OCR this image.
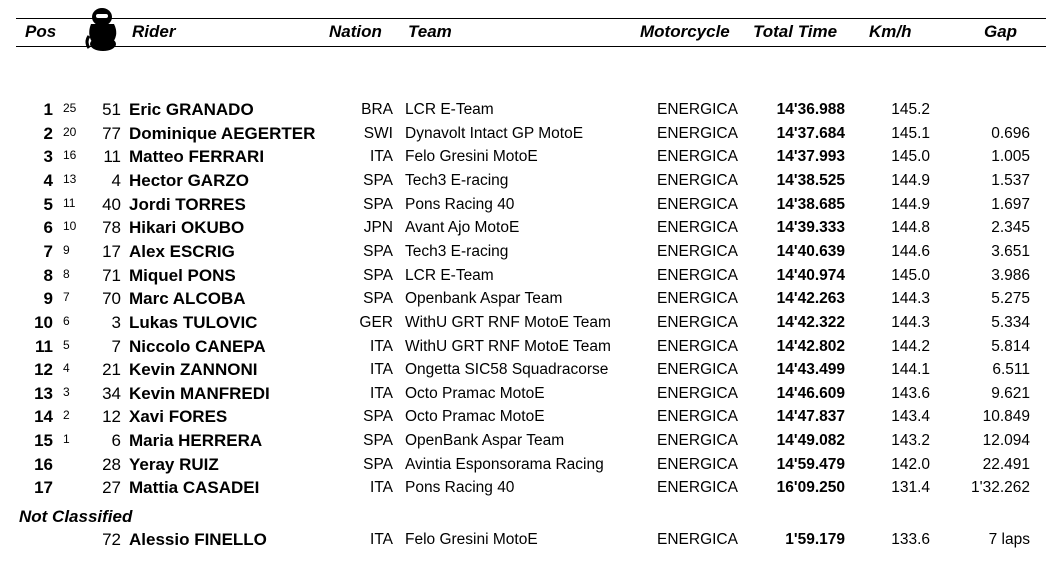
Pos	Rider	Nation Team	Motorcycle Total Time Km/h	Gap
1 25 51 Eric GRANADO	BRA LCR E-Team	ENERGICA 14'36.988	145.2
2 20 77 Dominique AEGERTER	SWI Dynavolt Intact GP MotoE	ENERGICA 14'37.684	145.1	0.696
3 16 11 Matteo FERRARI	ITA Felo Gresini MotoE	ENERGICA 14'37.993	145.0	1.005
4 13 4 Hector GARZO	SPA Tech3 E-racing	ENERGICA 14'38.525	144.9	1.537
5 11 40 Jordi TORRES	SPA Pons Racing 40	ENERGICA 14'38.685	144.9	1.697
6 10 78 Hikari OKUBO	JPN Avant Ajo MotoE	ENERGICA 14'39.333	144.8	2.345
7 9 17 Alex ESCRIG	SPA Tech3 E-racing	ENERGICA 14'40.639	144.6	3.651
8 8 71 Miquel PONS	SPA LCR E-Team	ENERGICA 14'40.974	145.0	3.986
9 7 70 Marc ALCOBA	SPA Openbank Aspar Team	ENERGICA 14'42.263	144.3	5.275
10 6 3 Lukas TULOVIC	GER WithU GRT RNF MotoE Team	ENERGICA 14'42.322	144.3	5.334
11 5 7 Niccolo CANEPA	ITA WithU GRT RNF MotoE Team	ENERGICA 14'42.802	144.2	5.814
12 4 21 Kevin ZANNONI	ITA Ongetta SIC58 Squadracorse	ENERGICA 14'43.499	144.1	6.511
13 3 34 Kevin MANFREDI	ITA Octo Pramac MotoE	ENERGICA 14'46.609	143.6	9.621
14 2 12 Xavi FORES	SPA Octo Pramac MotoE	ENERGICA 14'47.837	143.4	10.849
15 1 6 Maria HERRERA	SPA OpenBank Aspar Team	ENERGICA 14'49.082	143.2	12.094
16	28 Yeray RUIZ	SPA Avintia Esponsorama Racing	ENERGICA 14'59.479	142.0	22.491
17	27 Mattia CASADEI	ITA Pons Racing 40	ENERGICA 16'09.250	131.4	1'32.262
Not Classified
72 Alessio FINELLO	ITA Felo Gresini MotoE	ENERGICA	1'59.179	133.6	7 laps
